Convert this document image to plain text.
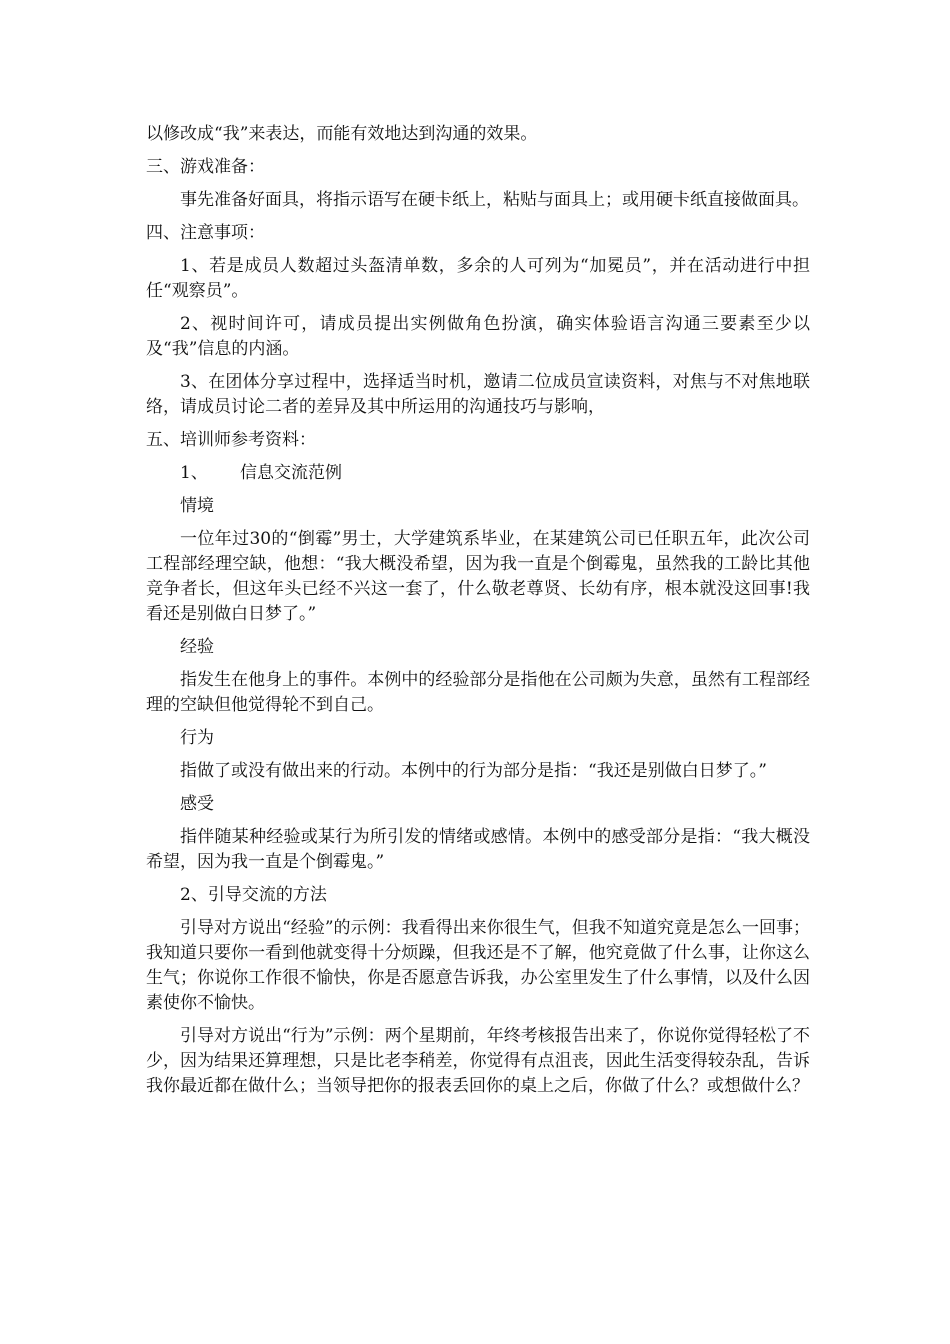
以修改成“我”来表达，而能有效地达到沟通的效果。
三、游戏准备：
事先准备好面具，将指示语写在硬卡纸上，粘贴与面具上；或用硬卡纸直接做面具。
四、注意事项：
1、若是成员人数超过头盔清单数，多余的人可列为“加冕员”，并在活动进行中担任“观察员”。
2、视时间许可，请成员提出实例做角色扮演，确实体验语言沟通三要素至少以及“我”信息的内涵。
3、在团体分享过程中，选择适当时机，邀请二位成员宣读资料，对焦与不对焦地联络，请成员讨论二者的差异及其中所运用的沟通技巧与影响，
五、培训师参考资料：
1、 信息交流范例
情境
一位年过30的“倒霉”男士，大学建筑系毕业，在某建筑公司已任职五年，此次公司工程部经理空缺，他想：“我大概没希望，因为我一直是个倒霉鬼，虽然我的工龄比其他竞争者长，但这年头已经不兴这一套了，什么敬老尊贤、长幼有序，根本就没这回事!我看还是别做白日梦了。”
经验
指发生在他身上的事件。本例中的经验部分是指他在公司颇为失意，虽然有工程部经理的空缺但他觉得轮不到自己。
行为
指做了或没有做出来的行动。本例中的行为部分是指：“我还是别做白日梦了。”
感受
指伴随某种经验或某行为所引发的情绪或感情。本例中的感受部分是指：“我大概没希望，因为我一直是个倒霉鬼。”
2、引导交流的方法
引导对方说出“经验”的示例：我看得出来你很生气，但我不知道究竟是怎么一回事；我知道只要你一看到他就变得十分烦躁，但我还是不了解，他究竟做了什么事，让你这么生气；你说你工作很不愉快，你是否愿意告诉我，办公室里发生了什么事情，以及什么因素使你不愉快。
引导对方说出“行为”示例：两个星期前，年终考核报告出来了，你说你觉得轻松了不少，因为结果还算理想，只是比老李稍差，你觉得有点沮丧，因此生活变得较杂乱，告诉我你最近都在做什么；当领导把你的报表丢回你的桌上之后，你做了什么？或想做什么？
